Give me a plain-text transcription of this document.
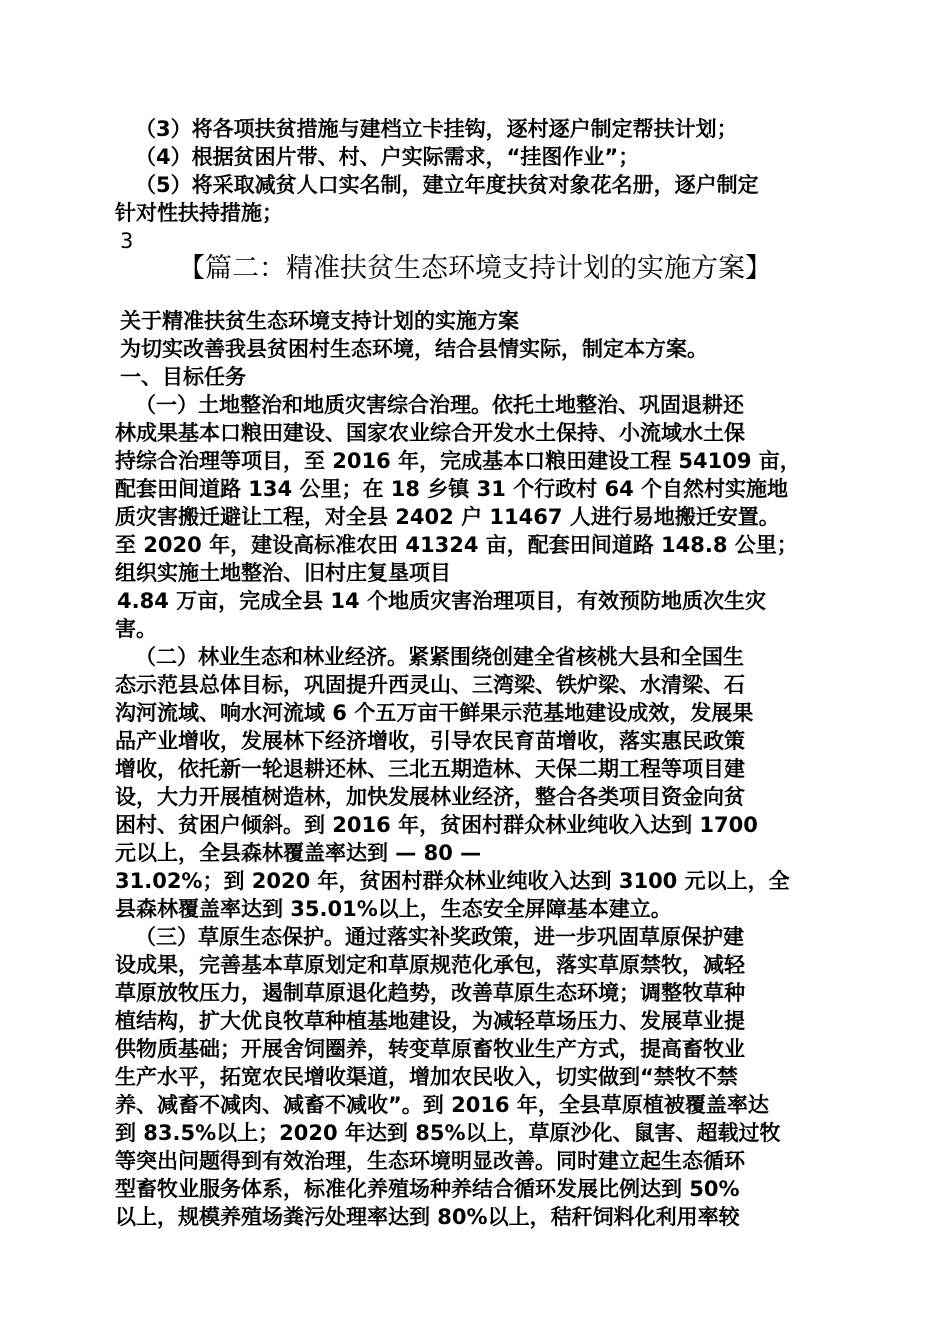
（3）将各项扶贫措施与建档立卡挂钩，逐村逐户制定帮扶计划；
（4）根据贫困片带、村、户实际需求，“挂图作业”；
（5）将采取减贫人口实名制，建立年度扶贫对象花名册，逐户制定
针对性扶持措施；
3
【篇二：精准扶贫生态环境支持计划的实施方案】
关于精准扶贫生态环境支持计划的实施方案
为切实改善我县贫困村生态环境，结合县情实际，制定本方案。
一、目标任务
（一）土地整治和地质灾害综合治理。依托土地整治、巩固退耕还
林成果基本口粮田建设、国家农业综合开发水土保持、小流域水土保
持综合治理等项目，至 2016 年，完成基本口粮田建设工程 54109 亩，
配套田间道路 134 公里；在 18 乡镇 31 个行政村 64 个自然村实施地
质灾害搬迁避让工程，对全县 2402 户 11467 人进行易地搬迁安置。
至 2020 年，建设高标准农田 41324 亩，配套田间道路 148.8 公里；
组织实施土地整治、旧村庄复垦项目
4.84 万亩，完成全县 14 个地质灾害治理项目，有效预防地质次生灾
害。
（二）林业生态和林业经济。紧紧围绕创建全省核桃大县和全国生
态示范县总体目标，巩固提升西灵山、三湾梁、铁炉梁、水清梁、石
沟河流域、响水河流域 6 个五万亩干鲜果示范基地建设成效，发展果
品产业增收，发展林下经济增收，引导农民育苗增收，落实惠民政策
增收，依托新一轮退耕还林、三北五期造林、天保二期工程等项目建
设，大力开展植树造林，加快发展林业经济，整合各类项目资金向贫
困村、贫困户倾斜。到 2016 年，贫困村群众林业纯收入达到 1700
元以上，全县森林覆盖率达到 — 80 —
31.02%；到 2020 年，贫困村群众林业纯收入达到 3100 元以上，全
县森林覆盖率达到 35.01%以上，生态安全屏障基本建立。
（三）草原生态保护。通过落实补奖政策，进一步巩固草原保护建
设成果，完善基本草原划定和草原规范化承包，落实草原禁牧，减轻
草原放牧压力，遏制草原退化趋势，改善草原生态环境；调整牧草种
植结构，扩大优良牧草种植基地建设，为减轻草场压力、发展草业提
供物质基础；开展舍饲圈养，转变草原畜牧业生产方式，提高畜牧业
生产水平，拓宽农民增收渠道，增加农民收入，切实做到“禁牧不禁
养、减畜不减肉、减畜不减收”。到 2016 年，全县草原植被覆盖率达
到 83.5%以上；2020 年达到 85%以上，草原沙化、鼠害、超载过牧
等突出问题得到有效治理，生态环境明显改善。同时建立起生态循环
型畜牧业服务体系，标准化养殖场种养结合循环发展比例达到 50%
以上，规模养殖场粪污处理率达到 80%以上，秸秆饲料化利用率较
